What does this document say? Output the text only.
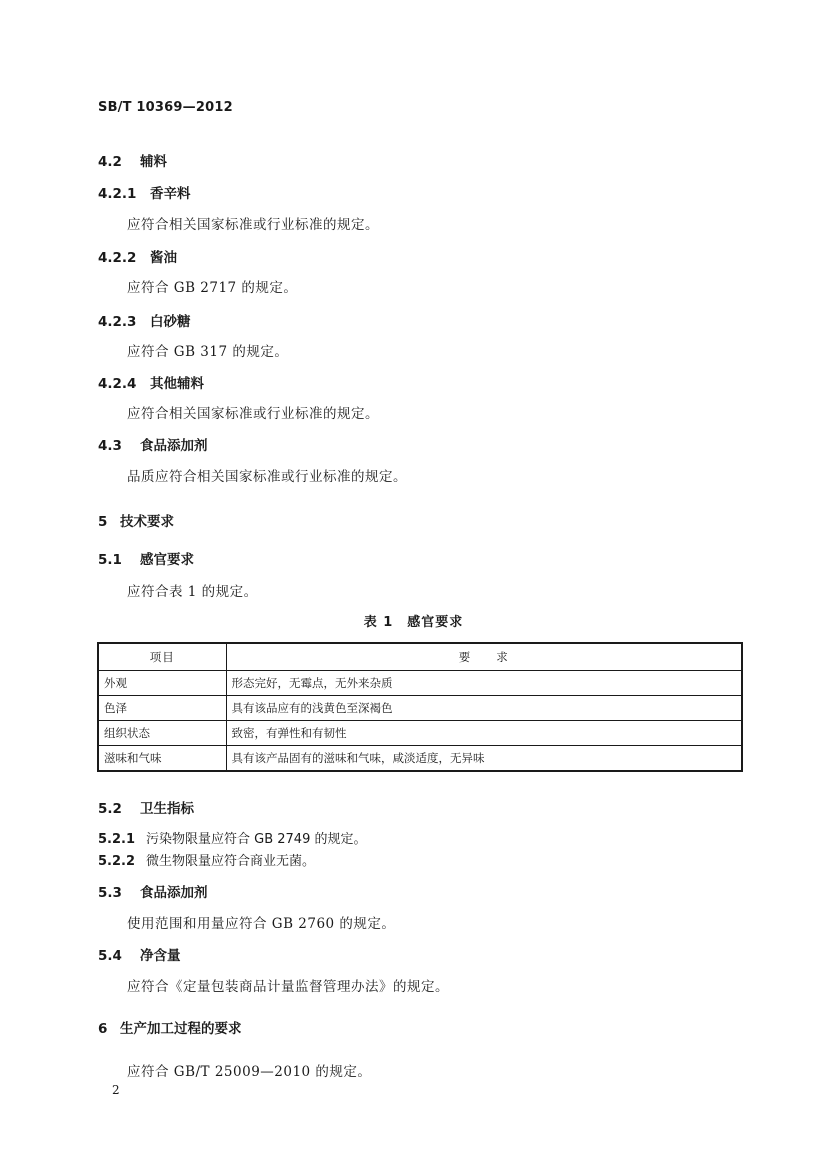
SB/T 10369—2012
4.2 辅料
4.2.1 香辛料
应符合相关国家标准或行业标准的规定。
4.2.2 酱油
应符合 GB 2717 的规定。
4.2.3 白砂糖
应符合 GB 317 的规定。
4.2.4 其他辅料
应符合相关国家标准或行业标准的规定。
4.3 食品添加剂
品质应符合相关国家标准或行业标准的规定。
5 技术要求
5.1 感官要求
应符合表 1 的规定。
表 1　感官要求
项目	要　　求
外观	形态完好，无霉点，无外来杂质
色泽	具有该品应有的浅黄色至深褐色
组织状态	致密，有弹性和有韧性
滋味和气味	具有该产品固有的滋味和气味，咸淡适度，无异味
5.2 卫生指标
5.2.1 污染物限量应符合 GB 2749 的规定。
5.2.2 微生物限量应符合商业无菌。
5.3 食品添加剂
使用范围和用量应符合 GB 2760 的规定。
5.4 净含量
应符合《定量包装商品计量监督管理办法》的规定。
6 生产加工过程的要求
应符合 GB/T 25009—2010 的规定。
2
